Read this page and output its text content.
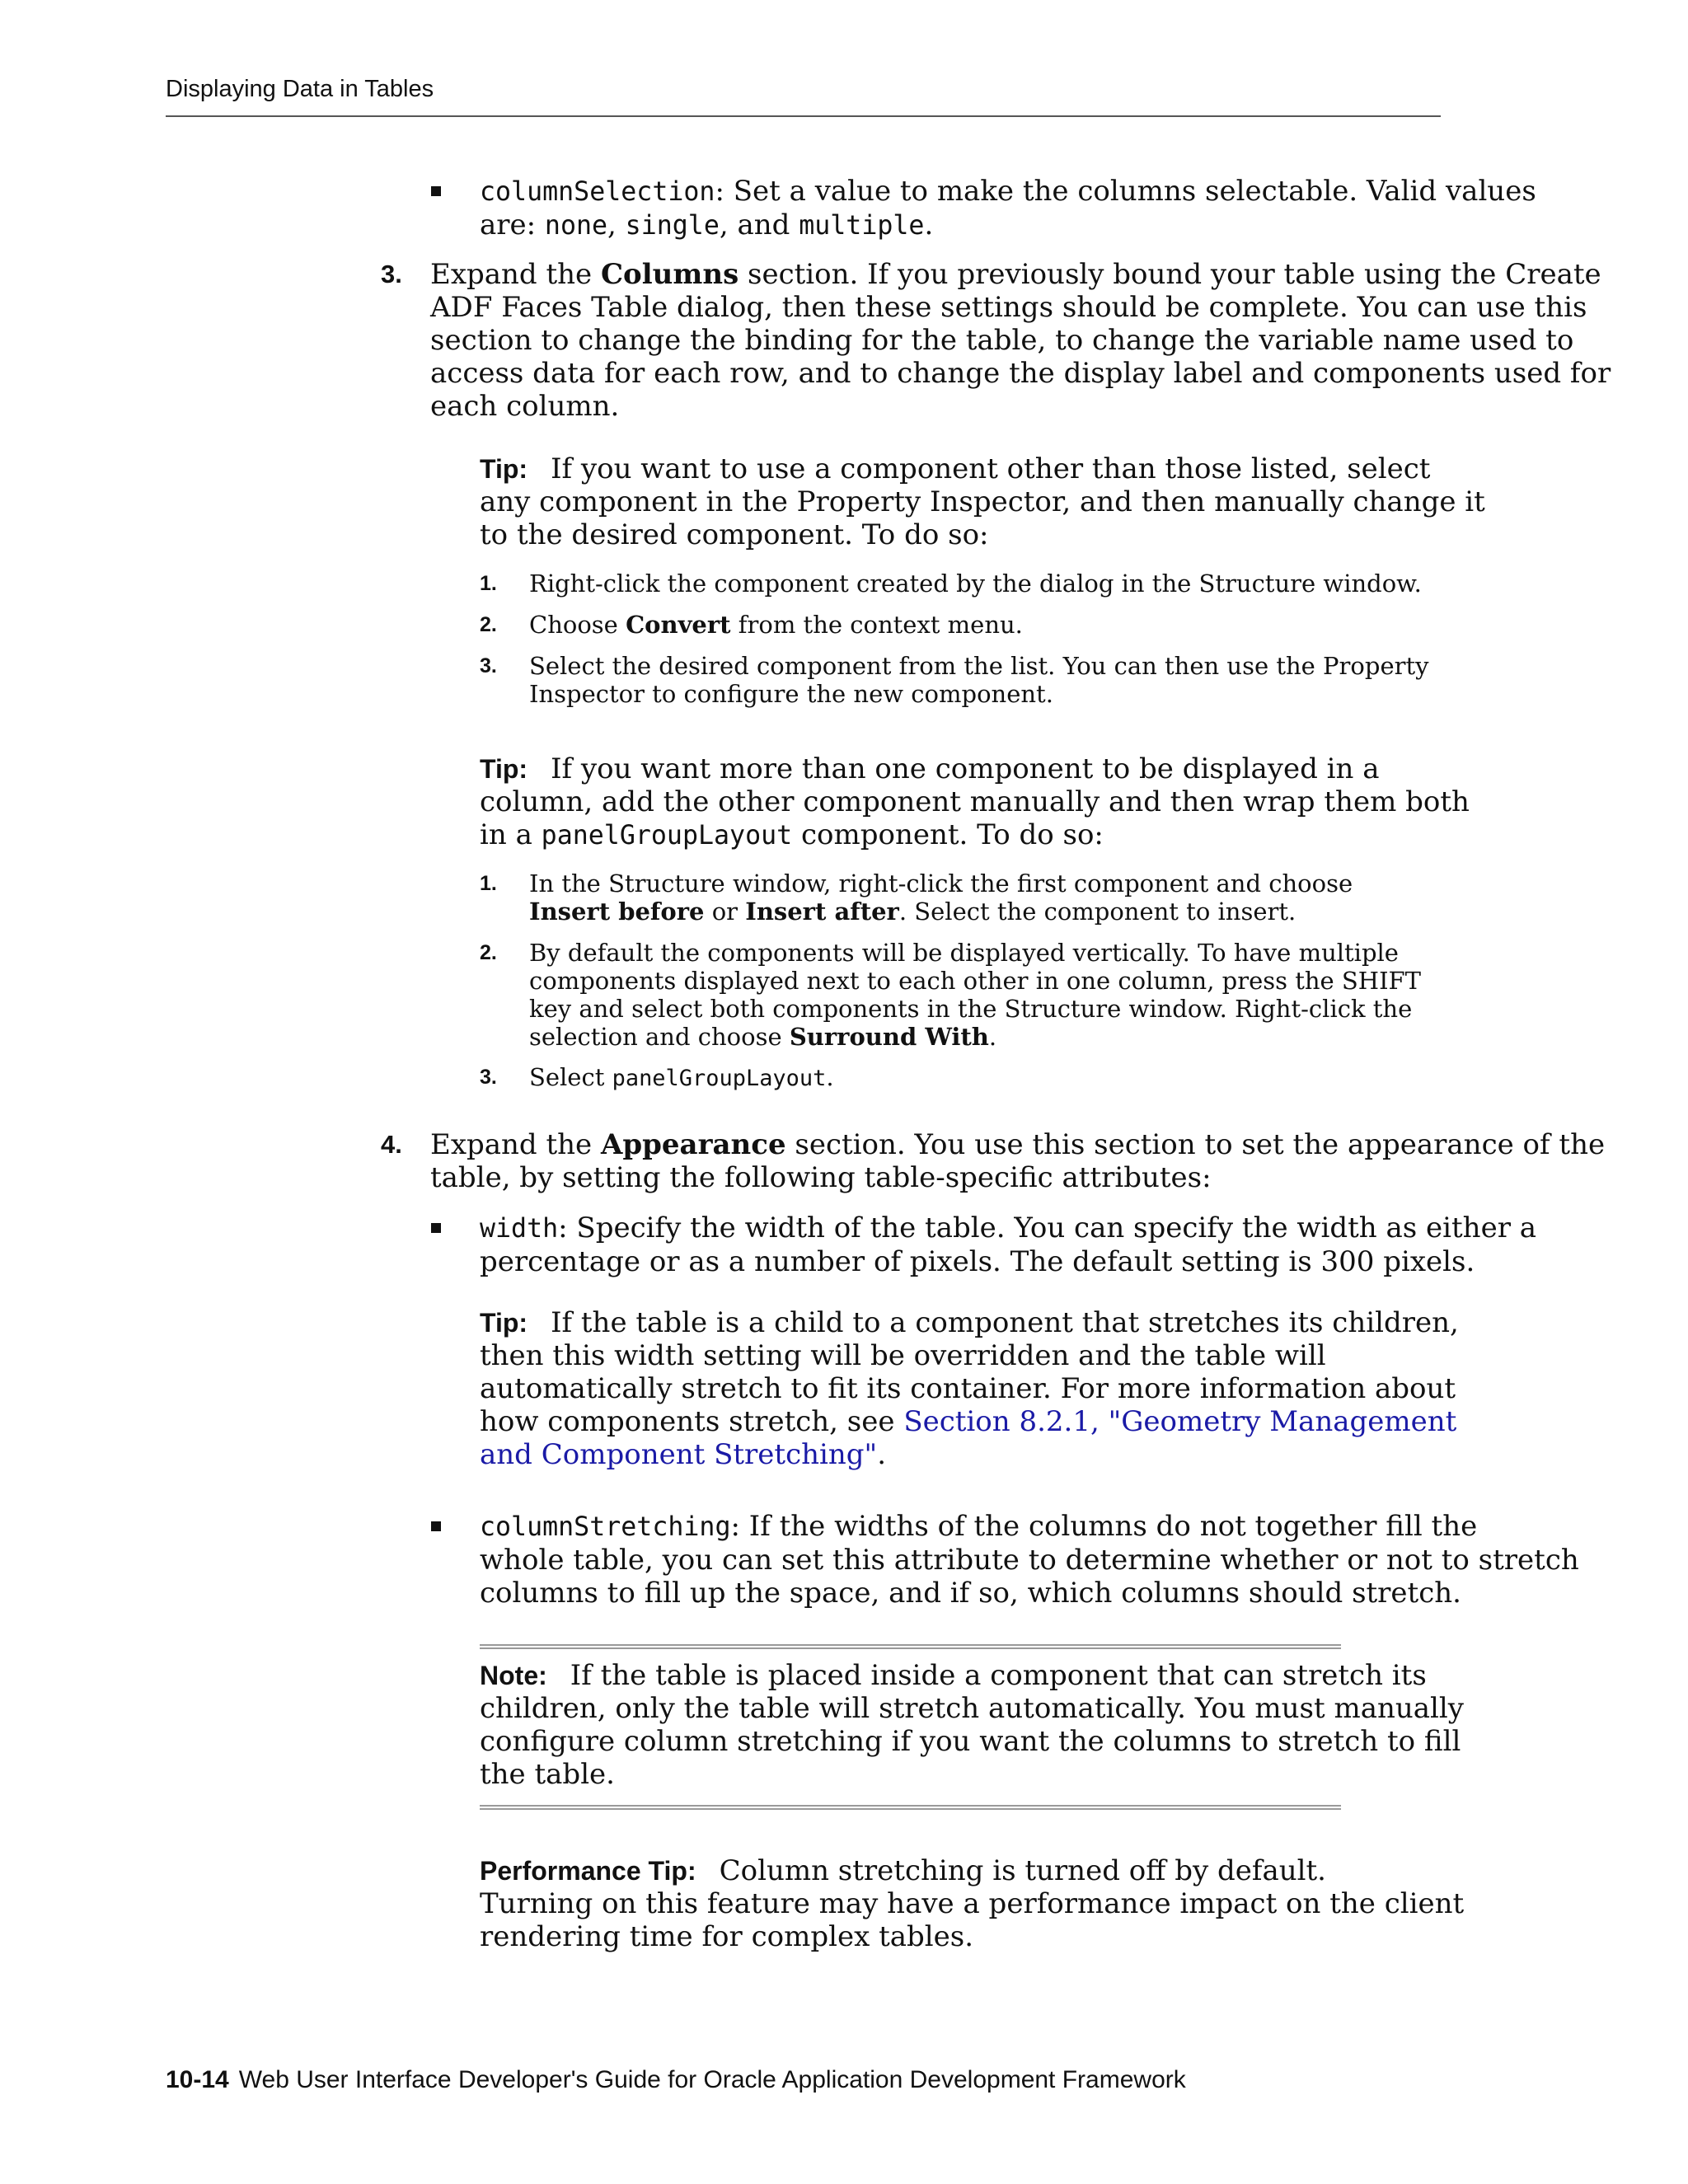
Displaying Data in Tables
columnSelection: Set a value to make the columns selectable. Valid values
are: none, single, and multiple.
3. Expand the Columns section. If you previously bound your table using the Create
ADF Faces Table dialog, then these settings should be complete. You can use this
section to change the binding for the table, to change the variable name used to
access data for each row, and to change the display label and components used for
each column.
Tip: If you want to use a component other than those listed, select
any component in the Property Inspector, and then manually change it
to the desired component. To do so:
1. Right-click the component created by the dialog in the Structure window.
2. Choose Convert from the context menu.
3. Select the desired component from the list. You can then use the Property
Inspector to configure the new component.
Tip: If you want more than one component to be displayed in a
column, add the other component manually and then wrap them both
in a panelGroupLayout component. To do so:
1. In the Structure window, right-click the first component and choose
Insert before or Insert after. Select the component to insert.
2. By default the components will be displayed vertically. To have multiple
components displayed next to each other in one column, press the SHIFT
key and select both components in the Structure window. Right-click the
selection and choose Surround With.
3. Select panelGroupLayout.
4. Expand the Appearance section. You use this section to set the appearance of the
table, by setting the following table-specific attributes:
width: Specify the width of the table. You can specify the width as either a
percentage or as a number of pixels. The default setting is 300 pixels.
Tip: If the table is a child to a component that stretches its children,
then this width setting will be overridden and the table will
automatically stretch to fit its container. For more information about
how components stretch, see Section 8.2.1, "Geometry Management
and Component Stretching".
columnStretching: If the widths of the columns do not together fill the
whole table, you can set this attribute to determine whether or not to stretch
columns to fill up the space, and if so, which columns should stretch.
Note: If the table is placed inside a component that can stretch its
children, only the table will stretch automatically. You must manually
configure column stretching if you want the columns to stretch to fill
the table.
Performance Tip: Column stretching is turned off by default.
Turning on this feature may have a performance impact on the client
rendering time for complex tables.
10-14 Web User Interface Developer's Guide for Oracle Application Development Framework
